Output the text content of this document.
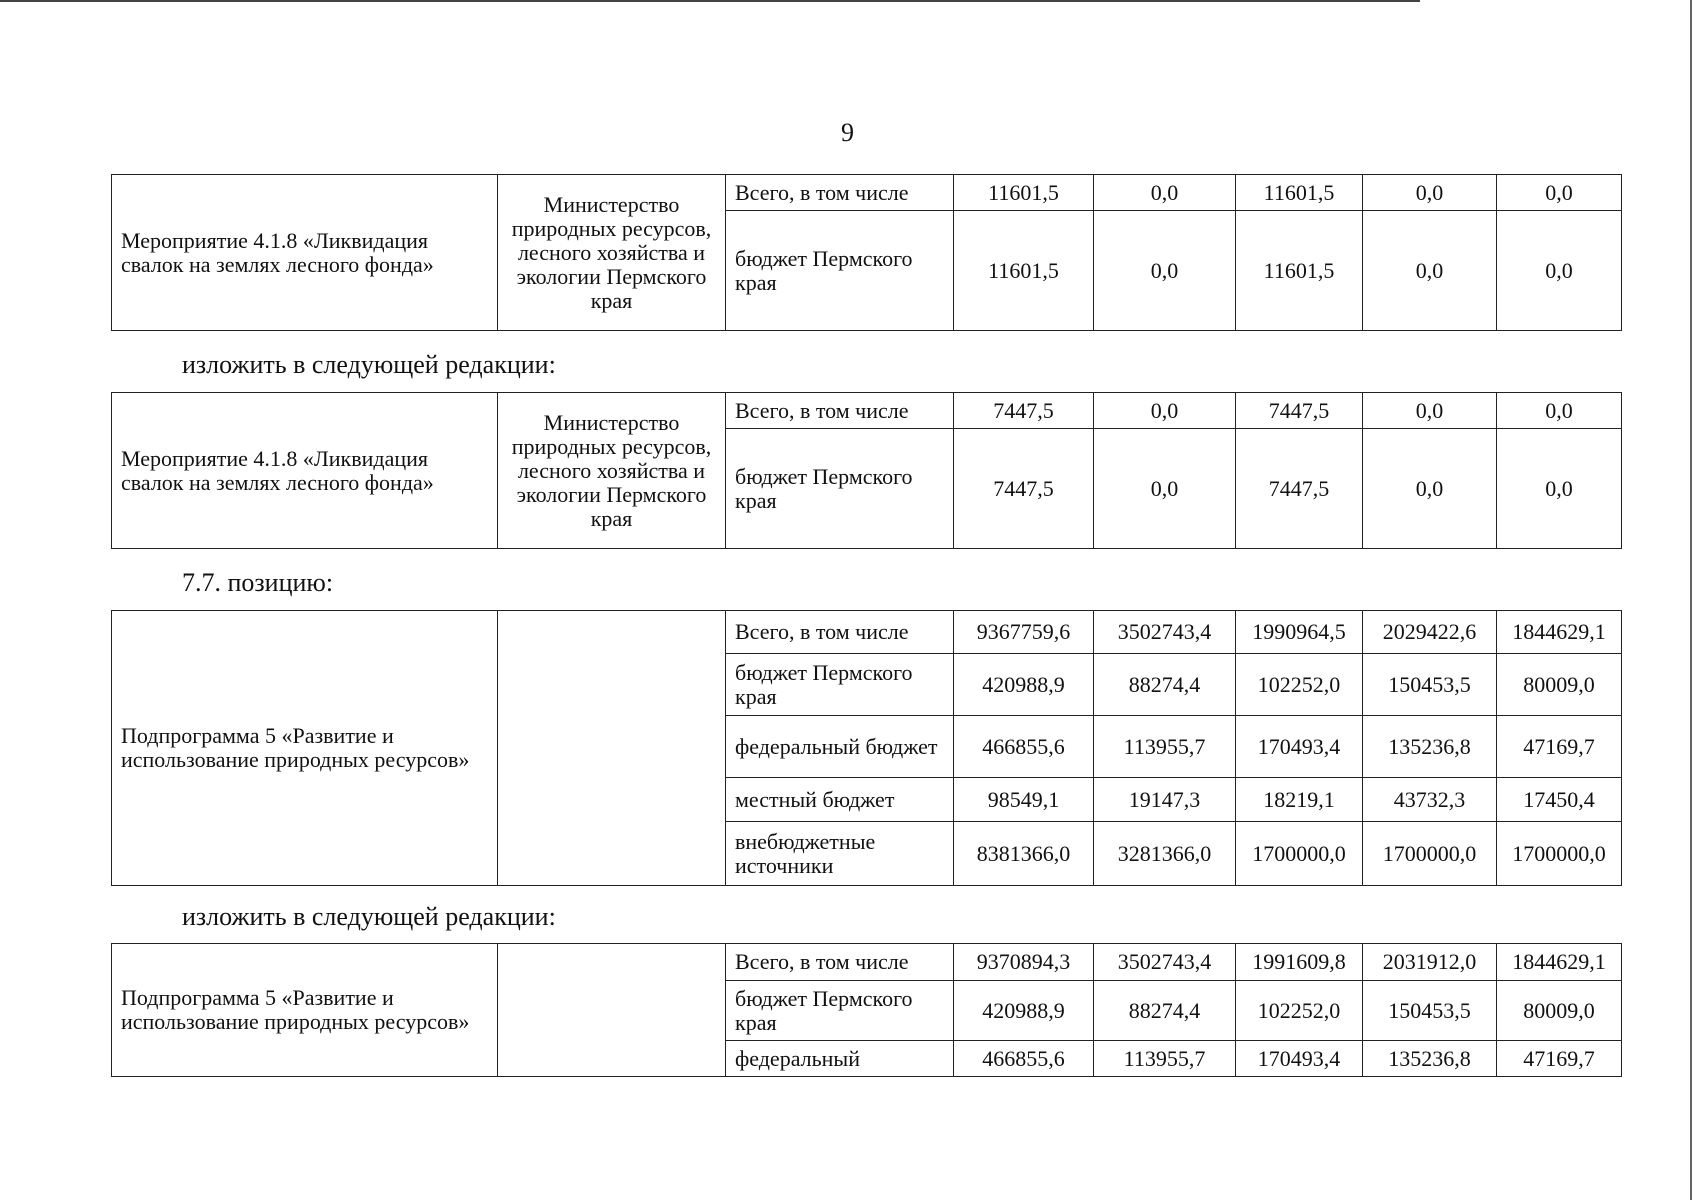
9
Мероприятие 4.1.8 «Ликвидация свалок на землях лесного фонда»	Министерство природных ресурсов, лесного хозяйства и экологии Пермского края	Всего, в том числе	11601,5	0,0	11601,5	0,0	0,0
		бюджет Пермского края	11601,5	0,0	11601,5	0,0	0,0
изложить в следующей редакции:
Мероприятие 4.1.8 «Ликвидация свалок на землях лесного фонда»	Министерство природных ресурсов, лесного хозяйства и экологии Пермского края	Всего, в том числе	7447,5	0,0	7447,5	0,0	0,0
		бюджет Пермского края	7447,5	0,0	7447,5	0,0	0,0
7.7. позицию:
Подпрограмма 5 «Развитие и использование природных ресурсов»		Всего, в том числе	9367759,6	3502743,4	1990964,5	2029422,6	1844629,1
		бюджет Пермского края	420988,9	88274,4	102252,0	150453,5	80009,0
		федеральный бюджет	466855,6	113955,7	170493,4	135236,8	47169,7
		местный бюджет	98549,1	19147,3	18219,1	43732,3	17450,4
		внебюджетные источники	8381366,0	3281366,0	1700000,0	1700000,0	1700000,0
изложить в следующей редакции:
Подпрограмма 5 «Развитие и использование природных ресурсов»		Всего, в том числе	9370894,3	3502743,4	1991609,8	2031912,0	1844629,1
		бюджет Пермского края	420988,9	88274,4	102252,0	150453,5	80009,0
		федеральный	466855,6	113955,7	170493,4	135236,8	47169,7
